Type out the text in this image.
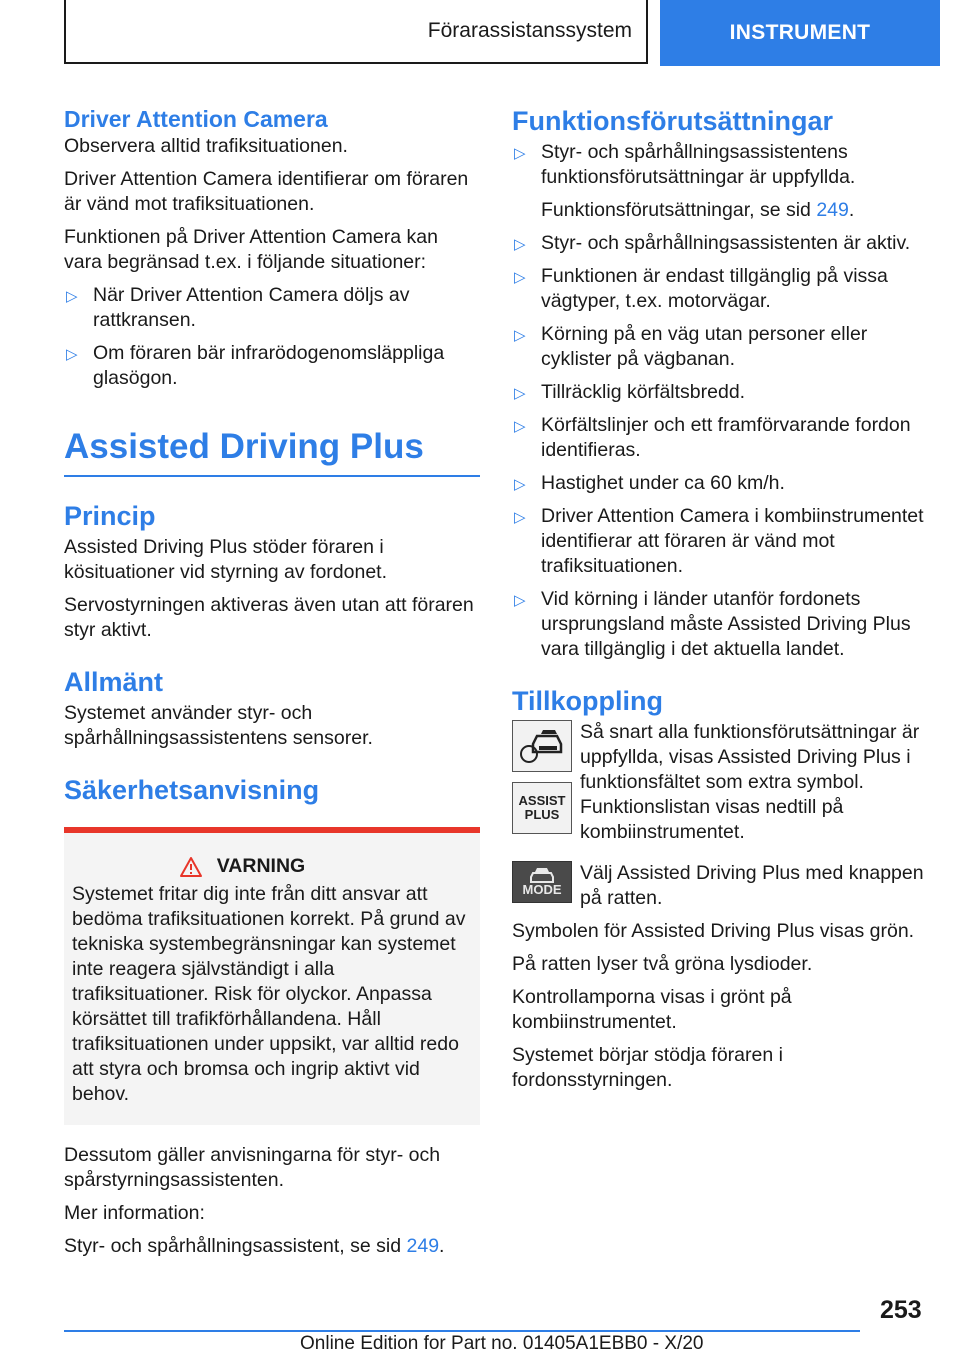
Förarassistanssystem	INSTRUMENT
Driver Attention Camera

Observera alltid trafiksituationen.

Driver Attention Camera identifierar om föraren är vänd mot trafiksituationen.

Funktionen på Driver Attention Camera kan vara begränsad t.ex. i följande situationer:

▷ När Driver Attention Camera döljs av rattkransen.
▷ Om föraren bär infrarödogenomsläppliga glasögon.
Assisted Driving Plus
Princip

Assisted Driving Plus stöder föraren i kösituationer vid styrning av fordonet.

Servostyrningen aktiveras även utan att föraren styr aktivt.

Allmänt

Systemet använder styr- och spårhållningsassistentens sensorer.

Säkerhetsanvisning
VARNING

Systemet fritar dig inte från ditt ansvar att bedöma trafiksituationen korrekt. På grund av tekniska systembegränsningar kan systemet inte reagera självständigt i alla trafiksituationer. Risk för olyckor. Anpassa körsättet till trafikförhållandena. Håll trafiksituationen under uppsikt, var alltid redo att styra och bromsa och ingrip aktivt vid behov.

Dessutom gäller anvisningarna för styr- och spårstyrningsassistenten.

Mer information:

Styr- och spårhållningsassistent, se sid 249.

Funktionsförutsättningar
▷ Styr- och spårhållningsassistentens funktionsförutsättningar är uppfyllda.

Funktionsförutsättningar, se sid 249.

▷ Styr- och spårhållningsassistenten är aktiv.
▷ Funktionen är endast tillgänglig på vissa vägtyper, t.ex. motorvägar.
▷ Körning på en väg utan personer eller cyklister på vägbanan.
▷ Tillräcklig körfältsbredd.
▷ Körfältslinjer och ett framförvarande fordon identifieras.
▷ Hastighet under ca 60 km/h.
▷ Driver Attention Camera i kombiinstrumentet identifierar att föraren är vänd mot trafiksituationen.
▷ Vid körning i länder utanför fordonets ursprungsland måste Assisted Driving Plus vara tillgänglig i det aktuella landet.
Tillkoppling
ASSIST
PLUS

Så snart alla funktionsförutsättningar är uppfyllda, visas Assisted Driving Plus i funktionsfältet som extra symbol. Funktionslistan visas nedtill på kombiinstrumentet.

MODE

Välj Assisted Driving Plus med knappen på ratten.

Symbolen för Assisted Driving Plus visas grön.

På ratten lyser två gröna lysdioder.

Kontrollamporna visas i grönt på kombiinstrumentet.

Systemet börjar stödja föraren i fordonsstyrningen.

253
Online Edition for Part no. 01405A1EBB0 - X/20
